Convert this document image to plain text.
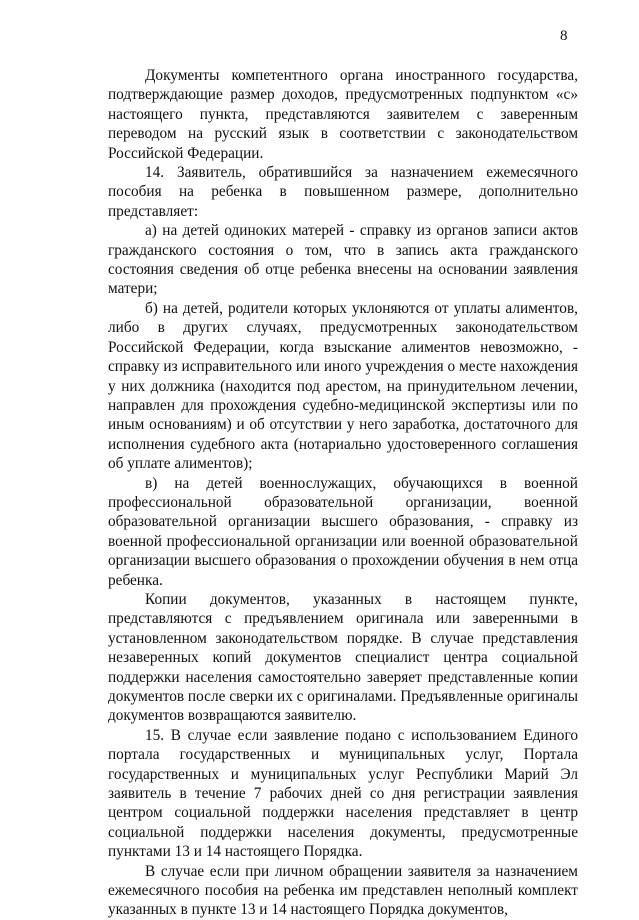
8

Документы компетентного органа иностранного государства, подтверждающие размер доходов, предусмотренных подпунктом «с» настоящего пункта, представляются заявителем с заверенным переводом на русский язык в соответствии с законодательством Российской Федерации.

14. Заявитель, обратившийся за назначением ежемесячного пособия на ребенка в повышенном размере, дополнительно представляет:

а) на детей одиноких матерей - справку из органов записи актов гражданского состояния о том, что в запись акта гражданского состояния сведения об отце ребенка внесены на основании заявления матери;

б) на детей, родители которых уклоняются от уплаты алиментов, либо в других случаях, предусмотренных законодательством Российской Федерации, когда взыскание алиментов невозможно, - справку из исправительного или иного учреждения о месте нахождения у них должника (находится под арестом, на принудительном лечении, направлен для прохождения судебно-медицинской экспертизы или по иным основаниям) и об отсутствии у него заработка, достаточного для исполнения судебного акта (нотариально удостоверенного соглашения об уплате алиментов);

в) на детей военнослужащих, обучающихся в военной профессиональной образовательной организации, военной образовательной организации высшего образования, - справку из военной профессиональной организации или военной образовательной организации высшего образования о прохождении обучения в нем отца ребенка.

Копии документов, указанных в настоящем пункте, представляются с предъявлением оригинала или заверенными в установленном законодательством порядке. В случае представления незаверенных копий документов специалист центра социальной поддержки населения самостоятельно заверяет представленные копии документов после сверки их с оригиналами. Предъявленные оригиналы документов возвращаются заявителю.

15. В случае если заявление подано с использованием Единого портала государственных и муниципальных услуг, Портала государственных и муниципальных услуг Республики Марий Эл заявитель в течение 7 рабочих дней со дня регистрации заявления центром социальной поддержки населения представляет в центр социальной поддержки населения документы, предусмотренные пунктами 13 и 14 настоящего Порядка.

В случае если при личном обращении заявителя за назначением ежемесячного пособия на ребенка им представлен неполный комплект указанных в пункте 13 и 14 настоящего Порядка документов,
